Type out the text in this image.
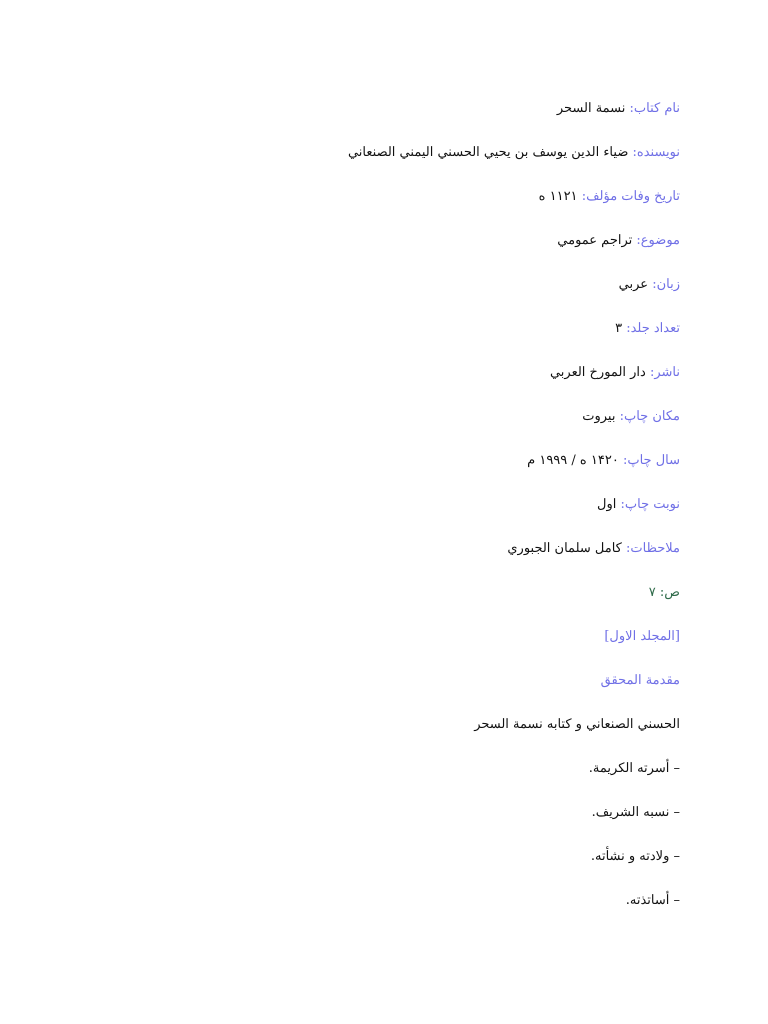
نام کتاب: نسمة السحر
نويسنده: ضياء الدين يوسف بن يحيي الحسني اليمني الصنعاني
تاريخ وفات مؤلف: ۱۱۲۱ ه
موضوع: تراجم عمومي
زبان: عربي
تعداد جلد: ۳
ناشر: دار المورخ العربي
مكان چاپ: بيروت
سال چاپ: ۱۴۲۰ ه / ۱۹۹۹ م
نوبت چاپ: اول
ملاحظات: كامل سلمان الجبوري
ص: ۷
[المجلد الاول]
مقدمة المحقق
الحسني الصنعاني و كتابه نسمة السحر
– أسرته الكريمة.
– نسبه الشريف.
– ولادته و نشأته.
– أساتذته.
